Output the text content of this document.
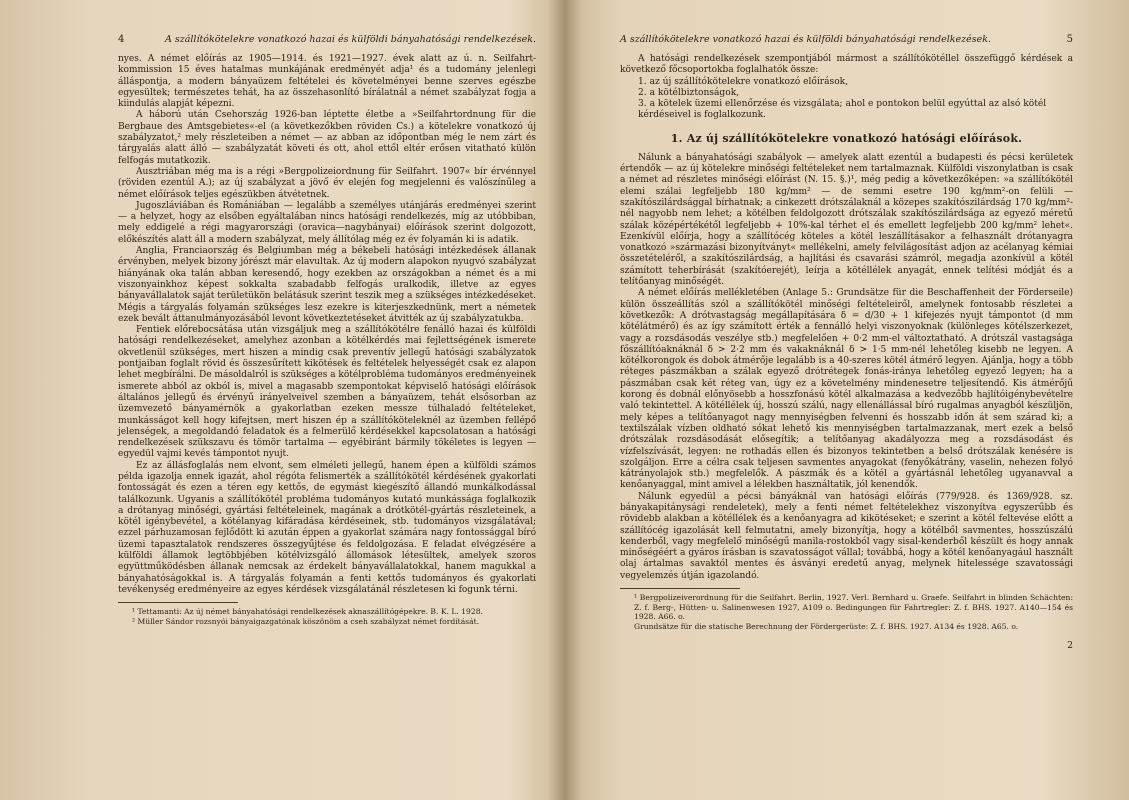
4	A szállítókötelekre vonatkozó hazai és külföldi bányahatósági rendelkezések.

nyes. A német előírás az 1905—1914. és 1921—1927. évek alatt az ú. n. Seilfahrt-kommission 15 éves hatalmas munkájának eredményét adja¹ és a tudomány jelenlegi álláspontja, a modern bányaüzem feltételei és követelményei benne szerves egészbe egyesültek; természetes tehát, ha az összehasonlító bírálatnál a német szabályzat fogja a kiindulás alapját képezni.

A háború után Csehország 1926-ban léptette életbe a »Seilfahrtordnung für die Bergbaue des Amtsgebietes«-el (a következőkben röviden Cs.) a kötelekre vonatkozó új szabályzatot,² mely részleteiben a német — az abban az időpontban még le nem zárt és tárgyalás alatt álló — szabályzatát követi és ott, ahol ettől eltér erősen vitatható külön felfogás mutatkozik.

Ausztriában még ma is a régi »Bergpolizeiordnung für Seilfahrt. 1907« bír érvénnyel (röviden ezentúl A.); az új szabályzat a jövő év elején fog megjelenni és valószínűleg a német előírások teljes egészükben átvétetnek.

Jugoszláviában és Romániában — legalább a személyes utánjárás eredményei szerint — a helyzet, hogy az elsőben egyáltalában nincs hatósági rendelkezés, míg az utóbbiban, mely eddigelé a régi magyarországi (oravica—nagybányai) előírások szerint dolgozott, előkészítés alatt áll a modern szabályzat, mely állítólag még ez év folyamán ki is adatik.

Anglia, Franciaország és Belgiumban még a békebeli hatósági intézkedések állanak érvényben, melyek bizony jórészt már elavultak. Az új modern alapokon nyugvó szabályzat hiányának oka talán abban keresendő, hogy ezekben az országokban a német és a mi viszonyainkhoz képest sokkalta szabadabb felfogás uralkodik, illetve az egyes bányavállalatok saját területükön belátásuk szerint teszik meg a szükséges intézkedéseket. Mégis a tárgyalás folyamán szükséges lesz ezekre is kiterjeszkednünk, mert a németek ezek bevált áttanulmányozásából levont következtetéseket átvitték az új szabályzatukba.

Fentiek előrebocsátása után vizsgáljuk meg a szállítókötélre fenálló hazai és külföldi hatósági rendelkezéseket, amelyhez azonban a kötélkérdés mai fejlettségének ismerete okvetlenül szükséges, mert hiszen a mindig csak preventív jellegű hatósági szabályzatok pontjaiban foglalt rövid és összesűrített kikötések és feltételek helyességét csak ez alapon lehet megbírálni. De másoldalról is szükséges a kötélprobléma tudományos eredményeinek ismerete abból az okból is, mivel a magasabb szempontokat képviselő hatósági előírások általános jellegű és érvényű irányelveivel szemben a bányaüzem, tehát elsősorban az üzemvezető bányamérnök a gyakorlatban ezeken messze túlhaladó feltételeket, munkásságot kell hogy kifejtsen, mert hiszen ép a szállítóköteleknél az üzemben fellépő jelenségek, a megoldandó feladatok és a felmerülő kérdésekkel kapcsolatosan a hatósági rendelkezések szükszavu és tömör tartalma — egyébiránt bármily tökéletes is legyen — egyedül vajmi kevés támpontot nyujt.

Ez az állásfoglalás nem elvont, sem elméleti jellegű, hanem épen a külföldi számos példa igazolja ennek igazát, ahol régóta felismerték a szállítókötél kérdésének gyakorlati fontosságát és ezen a téren egy kettős, de egymást kiegészítő állandó munkálkodással találkozunk. Ugyanis a szállítókötél probléma tudományos kutató munkássága foglalkozik a drótanyag minőségi, gyártási feltételeinek, magának a drótkötél-gyártás részleteinek, a kötél igénybevétel, a kötélanyag kifáradása kérdéseinek, stb. tudományos vizsgálatával; ezzel párhuzamosan fejlődött ki azután éppen a gyakorlat számára nagy fontossággal bíró üzemi tapasztalatok rendszeres összegyűjtése és feldolgozása. E feladat elvégzésére a külföldi államok legtöbbjében kötélvizsgáló állomások létesültek, amelyek szoros együttműködésben állanak nemcsak az érdekelt bányavállalatokkal, hanem magukkal a bányahatóságokkal is. A tárgyalás folyamán a fenti kettős tudományos és gyakorlati tevékenység eredményeire az egyes kérdések vizsgálatánál részletesen ki fogunk térni.

¹ Tettamanti: Az új német bányahatósági rendelkezések aknaszállítógépekre. B. K. L. 1928.

² Müller Sándor rozsnyói bányaigazgatónak köszönöm a cseh szabályzat német fordítását.

A szállítókötelekre vonatkozó hazai és külföldi bányahatósági rendelkezések.	5

A hatósági rendelkezések szempontjából mármost a szállítókötéllel összefüggő kérdések a következő főcsoportokba foglalhatók össze:

1. az új szállítókötelekre vonatkozó előírások,

2. a kötélbiztonságok,

3. a kötelek üzemi ellenőrzése és vizsgálata; ahol e pontokon belül egyúttal az alsó kötél kérdéseivel is foglalkozunk.

1. Az új szállítókötelekre vonatkozó hatósági előírások.

Nálunk a bányahatósági szabályok — amelyek alatt ezentúl a budapesti és pécsi kerületek értendők — az új kötelekre minőségi feltételeket nem tartalmaznak. Külföldi viszonylatban is csak a német ad részletes minőségi előírást (N. 15. §.)¹, még pedig a következőképen: »a szállítókötél elemi szálai legfeljebb 180 kg/mm² — de semmi esetre 190 kg/mm²-on felüli — szakítószilárdsággal bírhatnak; a cinkezett drótszálaknál a közepes szakítószilárdság 170 kg/mm²-nél nagyobb nem lehet; a kötélben feldolgozott drótszálak szakítószilárdsága az egyező méretű szálak középértékétől legfeljebb + 10%-kal térhet el és emellett legfeljebb 200 kg/mm² lehet«. Ezenkívül előírja, hogy a szállítócég köteles a kötél leszállításakor a felhasznált drótanyagra vonatkozó »származási bizonyítványt« mellékelni, amely felvilágosítást adjon az acélanyag kémiai összetételéről, a szakítószilárdság, a hajlítási és csavarási számról, megadja azonkívül a kötél számított teherbírását (szakítóerejét), leírja a kötéllélek anyagát, ennek telítési módját és a telítőanyag minőségét.

A német előírás mellékletében (Anlage 5.: Grundsätze für die Beschaffenheit der Förderseile) külön összeállítás szól a szállítókötél minőségi feltételeiről, amelynek fontosabb részletei a következők: A drótvastagság megállapítására δ = d/30 + 1 kifejezés nyujt támpontot (d mm kötélátmérő) és az így számított érték a fennálló helyi viszonyoknak (különleges kötélszerkezet, vagy a rozsdásodás veszélye stb.) megfelelően + 0·2 mm-el változtatható. A drótszál vastagsága főszállítóaknáknál δ > 2·2 mm és vakaknáknál δ > 1·5 mm-nél lehetőleg kisebb ne legyen. A kötélkorongok és dobok átmérője legalább is a 40-szeres kötél átmérő legyen. Ajánlja, hogy a több réteges pászmákban a szálak egyező drótrétegek fonás-iránya lehetőleg egyező legyen; ha a pászmában csak két réteg van, úgy ez a követelmény mindenesetre teljesítendő. Kis átmérőjű korong és dobnál előnyösebb a hosszfonású kötél alkalmazása a kedvezőbb hajlítóigénybevételre való tekintettel. A kötéllélek új, hosszú szálú, nagy ellenállással bíró rugalmas anyagból készüljön, mely képes a telítőanyagot nagy mennyiségben felvenni és hosszabb időn át sem szárad ki; a textilszálak vízben oldható sókat lehető kis mennyiségben tartalmazzanak, mert ezek a belső drótszálak rozsdásodását elősegítik; a telítőanyag akadályozza meg a rozsdásodást és vízfelszívását, legyen: ne rothadás ellen és bizonyos tekintetben a belső drótszálak kenésére is szolgáljon. Erre a célra csak teljesen savmentes anyagokat (fenyőkátrány, vaselin, nehezen folyó kátrányolajok stb.) megfelelők. A pászmák és a kötél a gyártásnál lehetőleg ugyanavval a kenőanyaggal, mint amivel a lélekben használtatik, jól kenendők.

Nálunk egyedül a pécsi bányáknál van hatósági előírás (779/928. és 1369/928. sz. bányakapitánysági rendeletek), mely a fenti német feltételekhez viszonyítva egyszerűbb és rövidebb alakban a kötéllélek és a kenőanyagra ad kikötéseket; e szerint a kötél feltevése előtt a szállítócég igazolását kell felmutatni, amely bizonyítja, hogy a kötélből savmentes, hosszúszálú kenderből, vagy megfelelő minőségű manila-rostokból vagy sisal-kenderből készült és hogy annak minőségéért a gyáros írásban is szavatosságot vállal; továbbá, hogy a kötél kenőanyagául használt olaj ártalmas savaktól mentes és ásványi eredetű anyag, melynek hitelessége szavatossági vegyelemzés útján igazolandó.

¹ Bergpolizeiverordnung für die Seilfahrt. Berlin, 1927. Verl. Bernhard u. Graefe. Seilfahrt in blinden Schächten: Z. f. Berg-, Hütten- u. Salinenwesen 1927, A109 o. Bedingungen für Fahrtregler: Z. f. BHS. 1927. A140—154 és 1928. A66. o.

Grundsätze für die statische Berechnung der Fördergerüste: Z. f. BHS. 1927. A134 és 1928. A65. o.

2
